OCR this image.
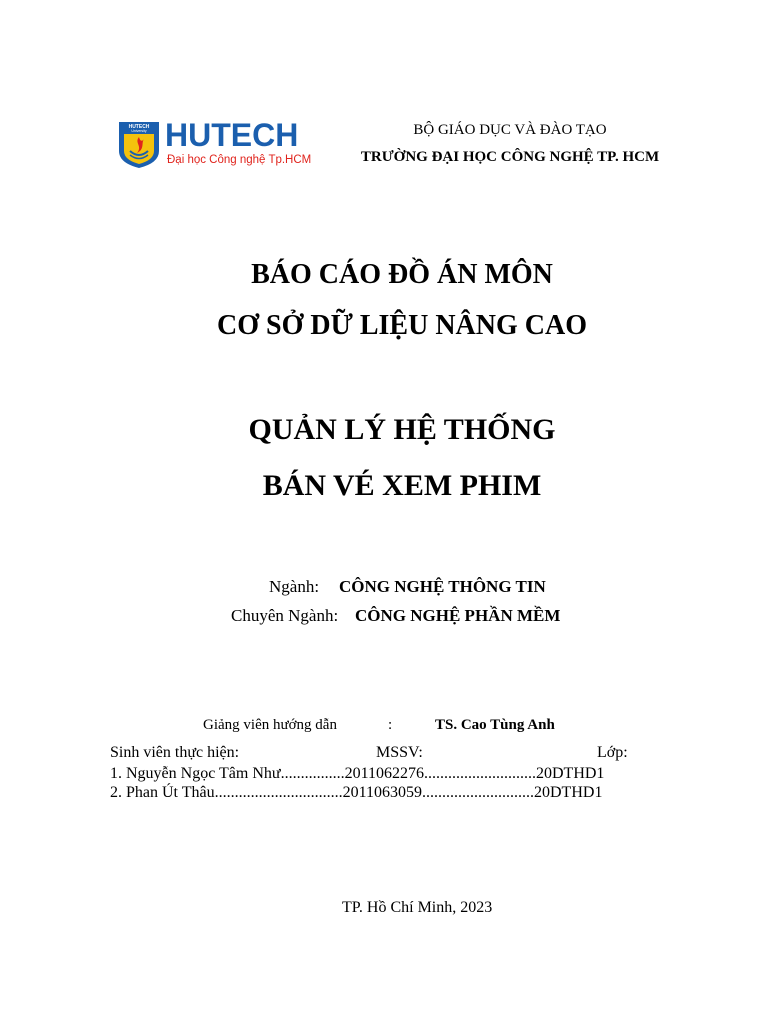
HUTECH
University HUTECH
Đại học Công nghệ Tp.HCM
BỘ GIÁO DỤC VÀ ĐÀO TẠO
TRƯỜNG ĐẠI HỌC CÔNG NGHỆ TP. HCM
BÁO CÁO ĐỒ ÁN MÔN
CƠ SỞ DỮ LIỆU NÂNG CAO
QUẢN LÝ HỆ THỐNG
BÁN VÉ XEM PHIM
Ngành: CÔNG NGHỆ THÔNG TIN
Chuyên Ngành: CÔNG NGHỆ PHẦN MỀM
Giảng viên hướng dẫn	:	TS. Cao Tùng Anh
Sinh viên thực hiện:	MSSV:	Lớp:
1. Nguyễn Ngọc Tâm Như................2011062276............................20DTHD1
2. Phan Út Thâu................................2011063059............................20DTHD1
TP. Hồ Chí Minh, 2023
